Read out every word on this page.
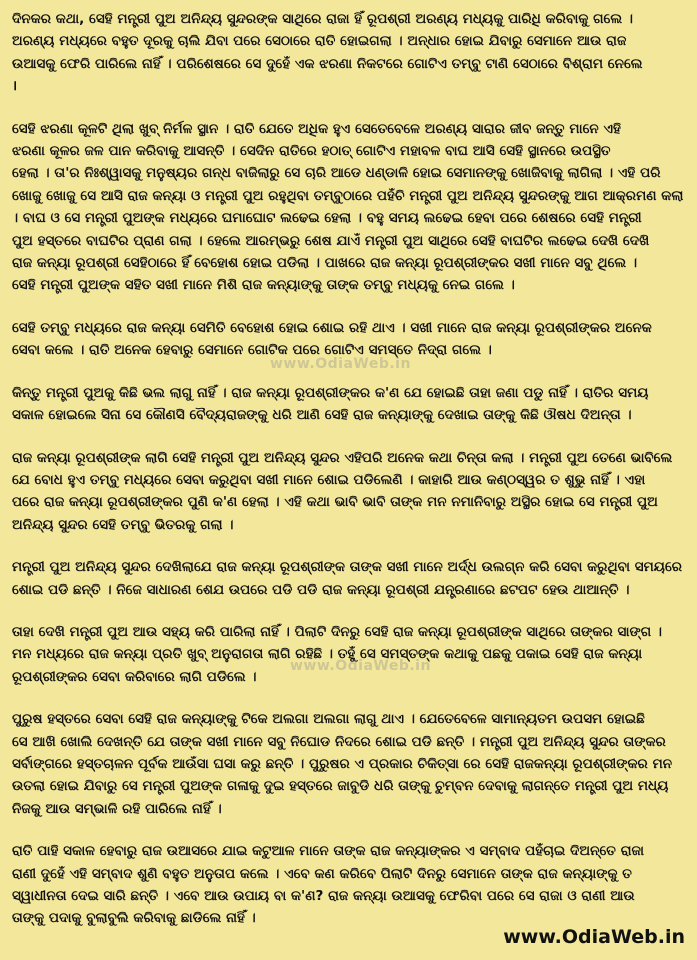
ଦିନକର କଥା, ସେହି ମନ୍ତ୍ରୀ ପୁଅ ଅନିନ୍ଦ୍ୟ ସୁନ୍ଦରଙ୍କ ସାଥିରେ ରାଜା ହିଁ ରୂପଶ୍ରୀ ଅରଣ୍ୟ ମଧ୍ୟକୁ ପାରିଧି କରିବାକୁ ଗଲେ ।
ଅରଣ୍ୟ ମଧ୍ୟରେ ବହୁତ ଦୂରକୁ ଚାଲି ଯିବା ପରେ ସେଠାରେ ରାତି ହୋଇଗଲା । ଅନ୍ଧାର ହୋଇ ଯିବାରୁ ସେମାନେ ଆଉ ରାଜ
ଉଆସକୁ ଫେରି ପାରିଲେ ନାହିଁ । ପରିଶେଷରେ ସେ ଦୁହେଁ ଏକ ଝରଣା ନିକଟରେ ଗୋଟିଏ ତମ୍ବୁ ଟାଣି ସେଠାରେ ବିଶ୍ରାମ ନେଲେ
।
ସେହି ଝରଣା କୂଳଟି ଥିଲା ଖୁବ୍ ନିର୍ମଳ ସ୍ଥାନ । ରାତି ଯେତେ ଅଧିକ ହୁଏ ସେତେବେଳେ ଅରଣ୍ୟ ସାରାର ଜୀବ ଜନ୍ତୁ ମାନେ ଏହି
ଝରଣା କୂଳର ଜଳ ପାନ କରିବାକୁ ଆସନ୍ତି । ସେଦିନ ରାତିରେ ହଠାତ୍ ଗୋଟିଏ ମହାବଳ ବାଘ ଆସି ସେହି ସ୍ଥାନରେ ଉପସ୍ଥିତ
ହେଲା । ତା'ର ନିଃଶ୍ୱାସକୁ ମନୁଷ୍ୟର ଗନ୍ଧ ବାଜିଲାରୁ ସେ ଚାରି ଆଡେ ଧଣ୍ଡାଳି ହୋଇ ସେମାନଙ୍କୁ ଖୋଜିବାକୁ ଲାଗିଲା । ଏହି ପରି
ଖୋଜୁ ଖୋଜୁ ସେ ଆସି ରାଜ କନ୍ୟା ଓ ମନ୍ତ୍ରୀ ପୁଅ ରହୁଥିବା ତମ୍ବୁଠାରେ ପହଁଚି ମନ୍ତ୍ରୀ ପୁଅ ଅନିନ୍ଦ୍ୟ ସୁନ୍ଦରଙ୍କୁ ଆଗ ଆକ୍ରମଣ କଲା
। ବାଘ ଓ ସେ ମନ୍ତ୍ରୀ ପୁଅଙ୍କ ମଧ୍ୟରେ ଘମାଘୋଟ ଲଢେଇ ହେଲା । ବହୁ ସମୟ ଲଢେଇ ହେବା ପରେ ଶେଷରେ ସେହି ମନ୍ତ୍ରୀ
ପୁଅ ହସ୍ତରେ ବାଘଟିର ପ୍ରାଣ ଗଲା । ହେଲେ ଆରମ୍ଭରୁ ଶେଷ ଯାଏଁ ମନ୍ତ୍ରୀ ପୁଅ ସାଥିରେ ସେହି ବାଘଟିର ଲଢେଇ ଦେଖି ଦେଖି
ରାଜ କନ୍ୟା ରୂପଶ୍ରୀ ସେହିଠାରେ ହିଁ ବେହୋଶ ହୋଇ ପଡିଲା । ପାଖରେ ରାଜ କନ୍ୟା ରୂପଶ୍ରୀଙ୍କର ସଖୀ ମାନେ ସବୁ ଥିଲେ ।
ସେହି ମନ୍ତ୍ରୀ ପୁଅଙ୍କ ସହିତ ସଖୀ ମାନେ ମିଶି ରାଜ କନ୍ୟାଙ୍କୁ ତାଙ୍କ ତମ୍ବୁ ମଧ୍ୟକୁ ନେଇ ଗଲେ ।
ସେହି ତମ୍ବୁ ମଧ୍ୟରେ ରାଜ କନ୍ୟା ସେମିତି ବେହୋଶ ହୋଇ ଶୋଇ ରହି ଥାଏ । ସଖୀ ମାନେ ରାଜ କନ୍ୟା ରୂପଶ୍ରୀଙ୍କର ଅନେକ
ସେବା କଲେ । ରାତି ଅନେକ ହେବାରୁ ସେମାନେ ଗୋଟିକ ପରେ ଗୋଟିଏ ସମସ୍ତେ ନିଦ୍ରା ଗଲେ ।
କିନ୍ତୁ ମନ୍ତ୍ରୀ ପୁଅକୁ କିଛି ଭଲ ଲାଗୁ ନାହିଁ । ରାଜ କନ୍ୟା ରୂପଶ୍ରୀଙ୍କର କ'ଣ ଯେ ହୋଇଛି ତାହା ଜଣା ପଡୁ ନାହିଁ । ରାତିର ସମୟ
ସକାଳ ହୋଇଲେ ସିନା ସେ କୌଣସି ବୈଦ୍ୟରାଜଙ୍କୁ ଧରି ଆଣି ସେହି ରାଜ କନ୍ୟାଙ୍କୁ ଦେଖାଇ ତାଙ୍କୁ କିଛି ଔଷଧ ଦିଅନ୍ତା ।
ରାଜ କନ୍ୟା ରୂପଶ୍ରୀଙ୍କ ଲାଗି ସେହି ମନ୍ତ୍ରୀ ପୁଅ ଅନିନ୍ଦ୍ୟ ସୁନ୍ଦର ଏହିପରି ଅନେକ କଥା ଚିନ୍ତା କଲା । ମନ୍ତ୍ରୀ ପୁଅ ତେଣେ ଭାବିଲେ
ଯେ ବୋଧ ହୁଏ ତମ୍ବୁ ମଧ୍ୟରେ ସେବା କରୁଥିବା ସଖୀ ମାନେ ଶୋଇ ପଡିଲେଣି । କାହାରି ଆଉ କଣ୍ଠସ୍ୱର ତ ଶୁଭୁ ନାହିଁ । ଏହା
ପରେ ରାଜ କନ୍ୟା ରୂପଶ୍ରୀଙ୍କର ପୁଣି କ'ଣ ହେଲା । ଏହି କଥା ଭାବି ଭାବି ତାଙ୍କ ମନ ନମାନିବାରୁ ଅସ୍ଥିର ହୋଇ ସେ ମନ୍ତ୍ରୀ ପୁଅ
ଅନିନ୍ଦ୍ୟ ସୁନ୍ଦର ସେହି ତମ୍ବୁ ଭିତରକୁ ଗଲା ।
ମନ୍ତ୍ରୀ ପୁଅ ଅନିନ୍ଦ୍ୟ ସୁନ୍ଦର ଦେଖିଲାଯେ ରାଜ କନ୍ୟା ରୂପଶ୍ରୀଙ୍କ ତାଙ୍କ ସଖୀ ମାନେ ଅର୍ଦ୍ଧ ଉଲଗ୍ନ କରି ସେବା କରୁଥିବା ସମୟରେ
ଶୋଇ ପଡି ଛନ୍ତି । ନିଜେ ସାଧାରଣ ଶେଯ ଉପରେ ପଡି ପଡି ରାଜ କନ୍ୟା ରୂପଶ୍ରୀ ଯନ୍ତ୍ରଣାରେ ଛଟପଟ ହେଉ ଥାଆନ୍ତି ।
ତାହା ଦେଖି ମନ୍ତ୍ରୀ ପୁଅ ଆଉ ସହ୍ୟ କରି ପାରିଲା ନାହିଁ । ପିଲାଟି ଦିନରୁ ସେହି ରାଜ କନ୍ୟା ରୂପଶ୍ରୀଙ୍କ ସାଥିରେ ତାଙ୍କର ସାଙ୍ଗ ।
ମନ ମଧ୍ୟରେ ରାଜ କନ୍ୟା ପ୍ରତି ଖୁବ୍ ଅନୁରାଗତା ଲାଗି ରହିଛି । ତହୁଁ ସେ ସମସ୍ତଙ୍କ କଥାକୁ ପଛକୁ ପକାଇ ସେହି ରାଜ କନ୍ୟା
ରୂପଶ୍ରୀଙ୍କର ସେବା କରିବାରେ ଲାଗି ପଡିଲେ ।
ପୁରୁଷ ହସ୍ତରେ ସେବା ସେହି ରାଜ କନ୍ୟାଙ୍କୁ ଟିକେ ଅଲଗା ଅଲଗା ଲାଗୁ ଥାଏ । ଯେତେବେଳେ ସାମାନ୍ୟତମ ଉପସମ ହୋଇଛି
ସେ ଆଖି ଖୋଲି ଦେଖନ୍ତି ଯେ ତାଙ୍କ ସଖୀ ମାନେ ସବୁ ନିଘୋଡ ନିଦରେ ଶୋଇ ପଡି ଛନ୍ତି । ମନ୍ତ୍ରୀ ପୁଅ ଅନିନ୍ଦ୍ୟ ସୁନ୍ଦର ତାଙ୍କର
ସର୍ବାଙ୍ଗରେ ହସ୍ତଚାଳନ ପୂର୍ବକ ଆଉଁସା ଘସା କରୁ ଛନ୍ତି । ପୁରୁଷର ଏ ପ୍ରକାର ଚିକିତ୍ସା ରେ ସେହି ରାଜକନ୍ୟା ରୂପଶ୍ରୀଙ୍କର ମନ
ଉତଲା ହୋଇ ଯିବାରୁ ସେ ମନ୍ତ୍ରୀ ପୁଅଙ୍କ ଗଳାକୁ ଦୁଇ ହସ୍ତରେ ଜାବୁଡି ଧରି ତାଙ୍କୁ ଚୁମ୍ବନ ଦେବାକୁ ଲାଗନ୍ତେ ମନ୍ତ୍ରୀ ପୁଅ ମଧ୍ୟ
ନିଜକୁ ଆଉ ସମ୍ଭାଳି ରହି ପାରିଲେ ନାହିଁ ।
ରାତି ପାହି ସକାଳ ହେବାରୁ ରାଜ ଉଆସରେ ଯାଇ କଟୁଆଳ ମାନେ ତାଙ୍କ ରାଜ କନ୍ୟାଙ୍କର ଏ ସମ୍ବାଦ ପହଁଚାଇ ଦିଅନ୍ତେ ରାଜା
ରାଣୀ ଦୁହେଁ ଏହି ସମ୍ବାଦ ଶୁଣି ବହୁତ ଅନୁତାପ କଲେ । ଏବେ କଣ କରିବେ ପିଲାଟି ଦିନରୁ ସେମାନେ ତାଙ୍କ ରାଜ କନ୍ୟାଙ୍କୁ ତ
ସ୍ୱାଧୀନତା ଦେଇ ସାରି ଛନ୍ତି । ଏବେ ଆଉ ଉପାୟ ବା କ'ଣ? ରାଜ କନ୍ୟା ଉଆସକୁ ଫେରିବା ପରେ ସେ ରାଜା ଓ ରାଣୀ ଆଉ
ତାଙ୍କୁ ପଦାକୁ ବୁଲାବୁଲି କରିବାକୁ ଛାଡିଲେ ନାହିଁ ।
www.OdiaWeb.in
www.OdiaWeb.in
www.OdiaWeb.in
